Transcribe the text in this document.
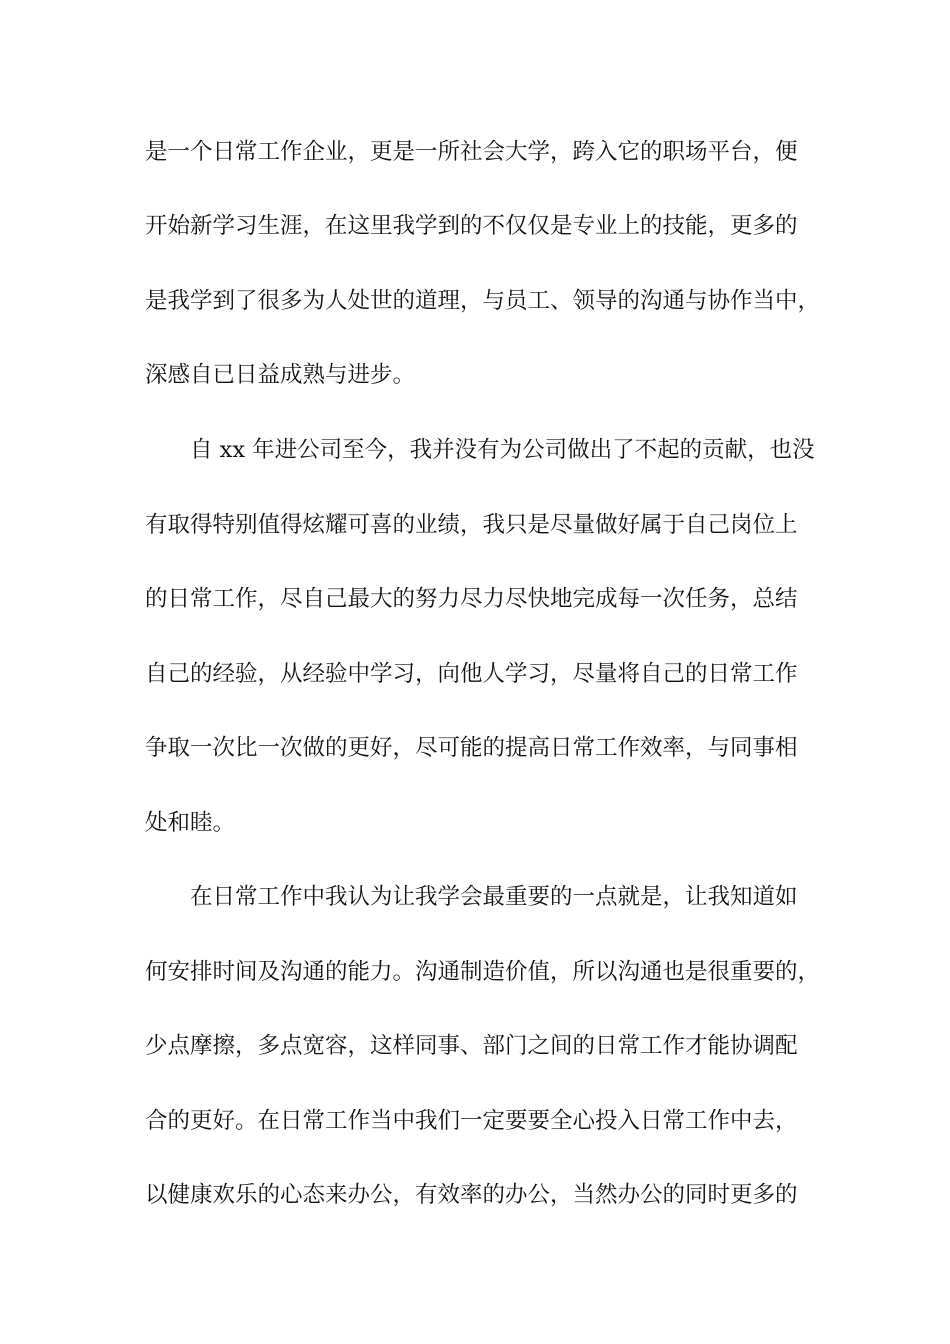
是一个日常工作企业，更是一所社会大学，跨入它的职场平台，便

开始新学习生涯，在这里我学到的不仅仅是专业上的技能，更多的

是我学到了很多为人处世的道理，与员工、领导的沟通与协作当中，

深感自已日益成熟与进步。

自 xx 年进公司至今，我并没有为公司做出了不起的贡献，也没

有取得特别值得炫耀可喜的业绩，我只是尽量做好属于自己岗位上

的日常工作，尽自己最大的努力尽力尽快地完成每一次任务，总结

自己的经验，从经验中学习，向他人学习，尽量将自己的日常工作

争取一次比一次做的更好，尽可能的提高日常工作效率，与同事相

处和睦。

在日常工作中我认为让我学会最重要的一点就是，让我知道如

何安排时间及沟通的能力。沟通制造价值，所以沟通也是很重要的，

少点摩擦，多点宽容，这样同事、部门之间的日常工作才能协调配

合的更好。在日常工作当中我们一定要要全心投入日常工作中去，

以健康欢乐的心态来办公，有效率的办公，当然办公的同时更多的
